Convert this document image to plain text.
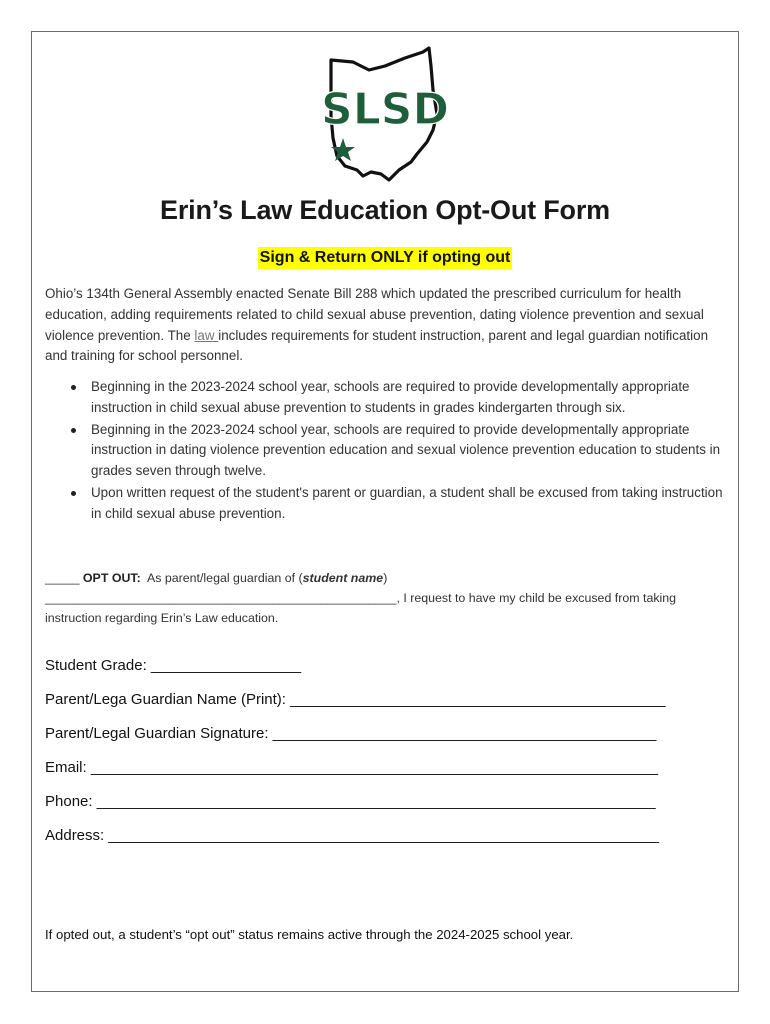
SLSD
Erin’s Law Education Opt-Out Form
Sign & Return ONLY if opting out
Ohio’s 134th General Assembly enacted Senate Bill 288 which updated the prescribed curriculum for health education, adding requirements related to child sexual abuse prevention, dating violence prevention and sexual violence prevention. The law includes requirements for student instruction, parent and legal guardian notification and training for school personnel.
Beginning in the 2023-2024 school year, schools are required to provide developmentally appropriate instruction in child sexual abuse prevention to students in grades kindergarten through six.
Beginning in the 2023-2024 school year, schools are required to provide developmentally appropriate instruction in dating violence prevention education and sexual violence prevention education to students in grades seven through twelve.
Upon written request of the student's parent or guardian, a student shall be excused from taking instruction in child sexual abuse prevention.
_____ OPT OUT: As parent/legal guardian of (student name) ___________________________________________________, I request to have my child be excused from taking instruction regarding Erin’s Law education.
Student Grade: __________________
Parent/Lega Guardian Name (Print): _____________________________________________
Parent/Legal Guardian Signature: ______________________________________________
Email: ____________________________________________________________________
Phone: ___________________________________________________________________
Address: __________________________________________________________________
If opted out, a student’s “opt out” status remains active through the 2024-2025 school year.
